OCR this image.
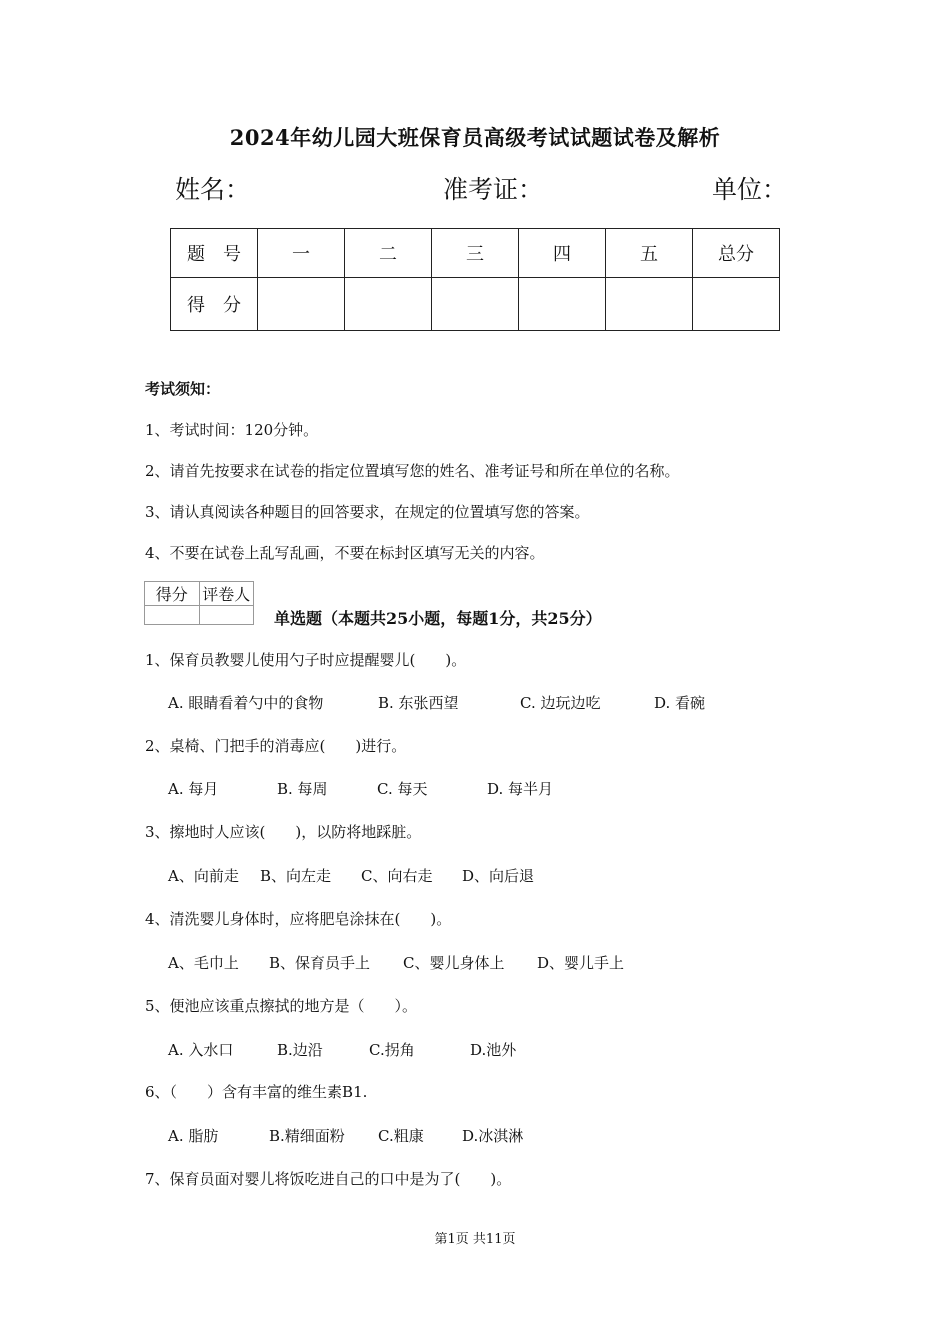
2024年幼儿园大班保育员高级考试试题试卷及解析
姓名：	准考证：	单位：
题　号	一	二	三	四	五	总分
得　分						
考试须知：
1、考试时间：120分钟。
2、请首先按要求在试卷的指定位置填写您的姓名、准考证号和所在单位的名称。
3、请认真阅读各种题目的回答要求，在规定的位置填写您的答案。
4、不要在试卷上乱写乱画，不要在标封区填写无关的内容。
得分	评卷人

单选题（本题共25小题，每题1分，共25分）
1、保育员教婴儿使用勺子时应提醒婴儿(　　)。
A. 眼睛看着勺中的食物	B. 东张西望	C. 边玩边吃	D. 看碗
2、桌椅、门把手的消毒应(　　)进行。
A. 每月	B. 每周	C. 每天	D. 每半月
3、擦地时人应该(　　)，以防将地踩脏。
A、向前走 B、向左走 C、向右走 D、向后退
4、清洗婴儿身体时，应将肥皂涂抹在(　　)。
A、毛巾上 B、保育员手上 C、婴儿身体上 D、婴儿手上
5、便池应该重点擦拭的地方是（　　）。
A. 入水口	B.边沿	C.拐角	D.池外
6、（　　）含有丰富的维生素B1.
A. 脂肪	B.精细面粉 C.粗康	D.冰淇淋
7、保育员面对婴儿将饭吃进自己的口中是为了(　　)。
第1页 共11页
